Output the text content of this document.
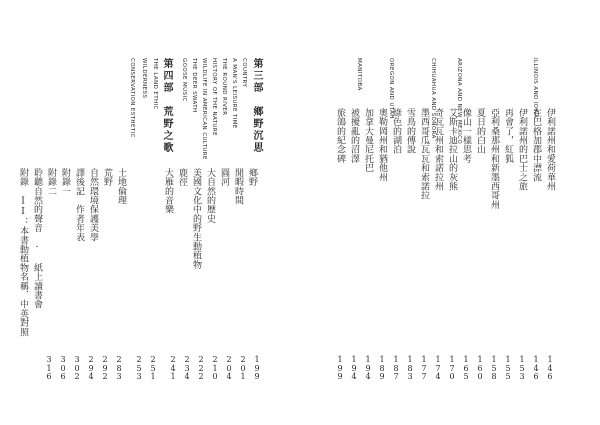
第三部　鄉野沉思
COUNTRY
A MAN'S LEISURE TIME
THE ROUND RIVER
HISTORY OF THE NATURE
WILDLIFE IN AMERICAN CULTURE
THE DEER SWATH
GOOSE MUSIC
第四部　荒野之歌
THE LAND ETHIC
WILDERNESS
CONSERVATION ESTHETIC
鄉野
閒暇時間
圓河
大自然的歷史
美國文化中的野生動植物
鹿徑
大雁的音樂
土地倫理
荒野
自然環境保護美學
譯後記　作者年表
附錄一
附錄二
聆聽自然的聲音 · 紙上讀書會
附錄 II：本書動植物名稱．中英對照
199
201
204
210
222
234
241
251
253
283
292
294
302
306
316
ILLINOIS AND IOWA
ARIZONA AND NEW MEXICO
CHIHUAHUA AND SONORA
OREGON AND UTAH
MANITOBA
伊利諾州和愛荷華州
在巴格加郡中漂流
伊利諾州的巴士之旅
再會了，紅狐
亞利桑那州和新墨西哥州
夏日的白山
像山一樣思考
艾斯卡迪拉山的灰熊
奇瓦瓦州和索諾拉州
墨西哥瓜瓦瓦和索諾拉
雪鳥的傳說
綠色的湖泊
奧勒岡州和猶他州
加拿大曼尼托巴
被擾亂的沼澤
旅鴿的紀念碑
146
146
153
155
158
160
165
170
174
177
183
187
189
194
194
199
